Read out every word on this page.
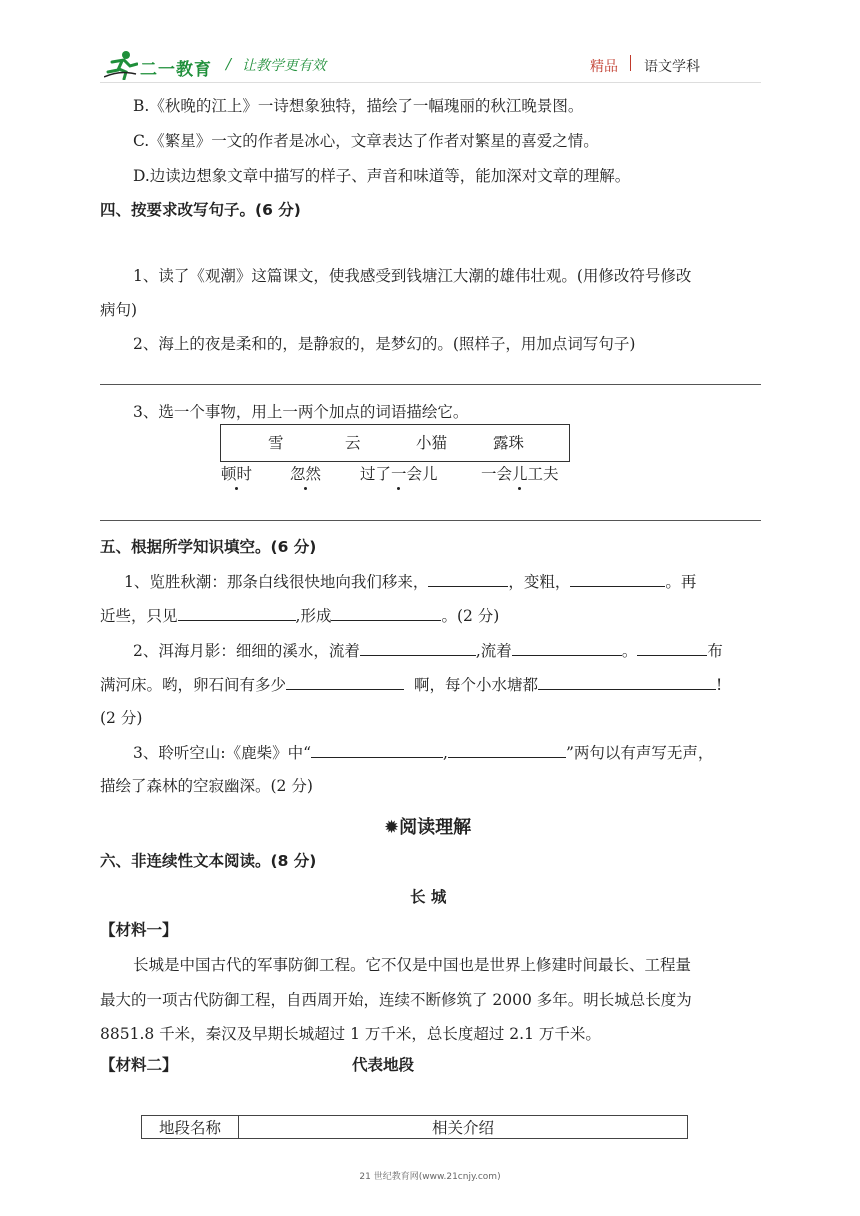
二一教育 / 让教学更有效	精品 语文学科
B.《秋晚的江上》一诗想象独特，描绘了一幅瑰丽的秋江晚景图。
C.《繁星》一文的作者是冰心，文章表达了作者对繁星的喜爱之情。
D.边读边想象文章中描写的样子、声音和味道等，能加深对文章的理解。
四、按要求改写句子。(6 分)
1、读了《观潮》这篇课文，使我感受到钱塘江大潮的雄伟壮观。(用修改符号修改
病句)
2、海上的夜是柔和的，是静寂的，是梦幻的。(照样子，用加点词写句子)
3、选一个事物，用上一两个加点的词语描绘它。
雪	云	小猫	露珠
顿时 忽然	过了一会儿	一会儿工夫
五、根据所学知识填空。(6 分)
1、览胜秋潮：那条白线很快地向我们移来，	，变粗，	。再
近些，只见	,形成	。(2 分)
2、洱海月影：细细的溪水，流着	,流着	。	布
满河床。哟，卵石间有多少	啊，每个小水塘都	!
(2 分)
3、聆听空山:《鹿柴》中“	,	”两句以有声写无声，
描绘了森林的空寂幽深。(2 分)
✹阅读理解
六、非连续性文本阅读。(8 分)
长 城
【材料一】
长城是中国古代的军事防御工程。它不仅是中国也是世界上修建时间最长、工程量
最大的一项古代防御工程，自西周开始，连续不断修筑了 2000 多年。明长城总长度为
8851.8 千米，秦汉及早期长城超过 1 万千米，总长度超过 2.1 万千米。
【材料二】	代表地段
地段名称	相关介绍
21 世纪教育网(www.21cnjy.com)
